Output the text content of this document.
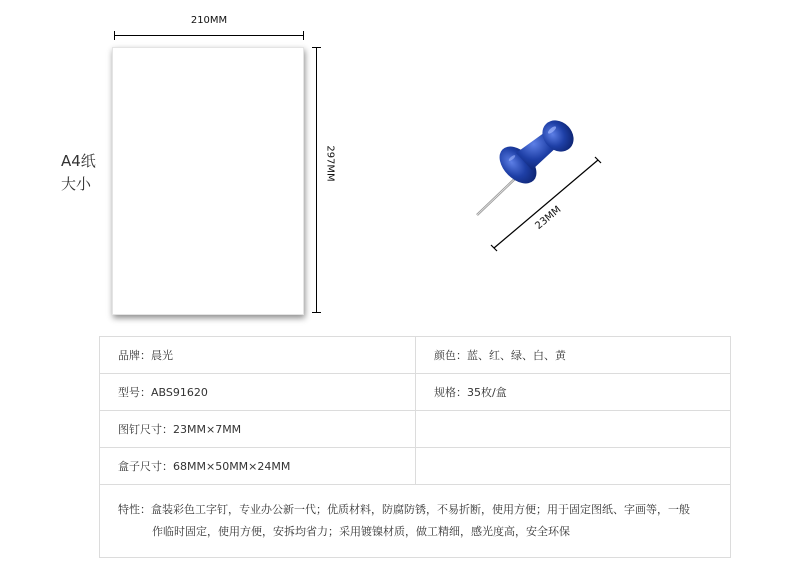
A4纸
大小
210MM
297MM
23MM
品牌：晨光	颜色：蓝、红、绿、白、黄
型号：ABS91620	规格：35枚/盒
图钉尺寸：23MM×7MM	
盒子尺寸：68MM×50MM×24MM	

特性：盒装彩色工字钉，专业办公新一代；优质材料，防腐防锈，不易折断，使用方便；用于固定图纸、字画等，一般
作临时固定，使用方便，安拆均省力；采用镀镍材质，做工精细，感光度高，安全环保	
